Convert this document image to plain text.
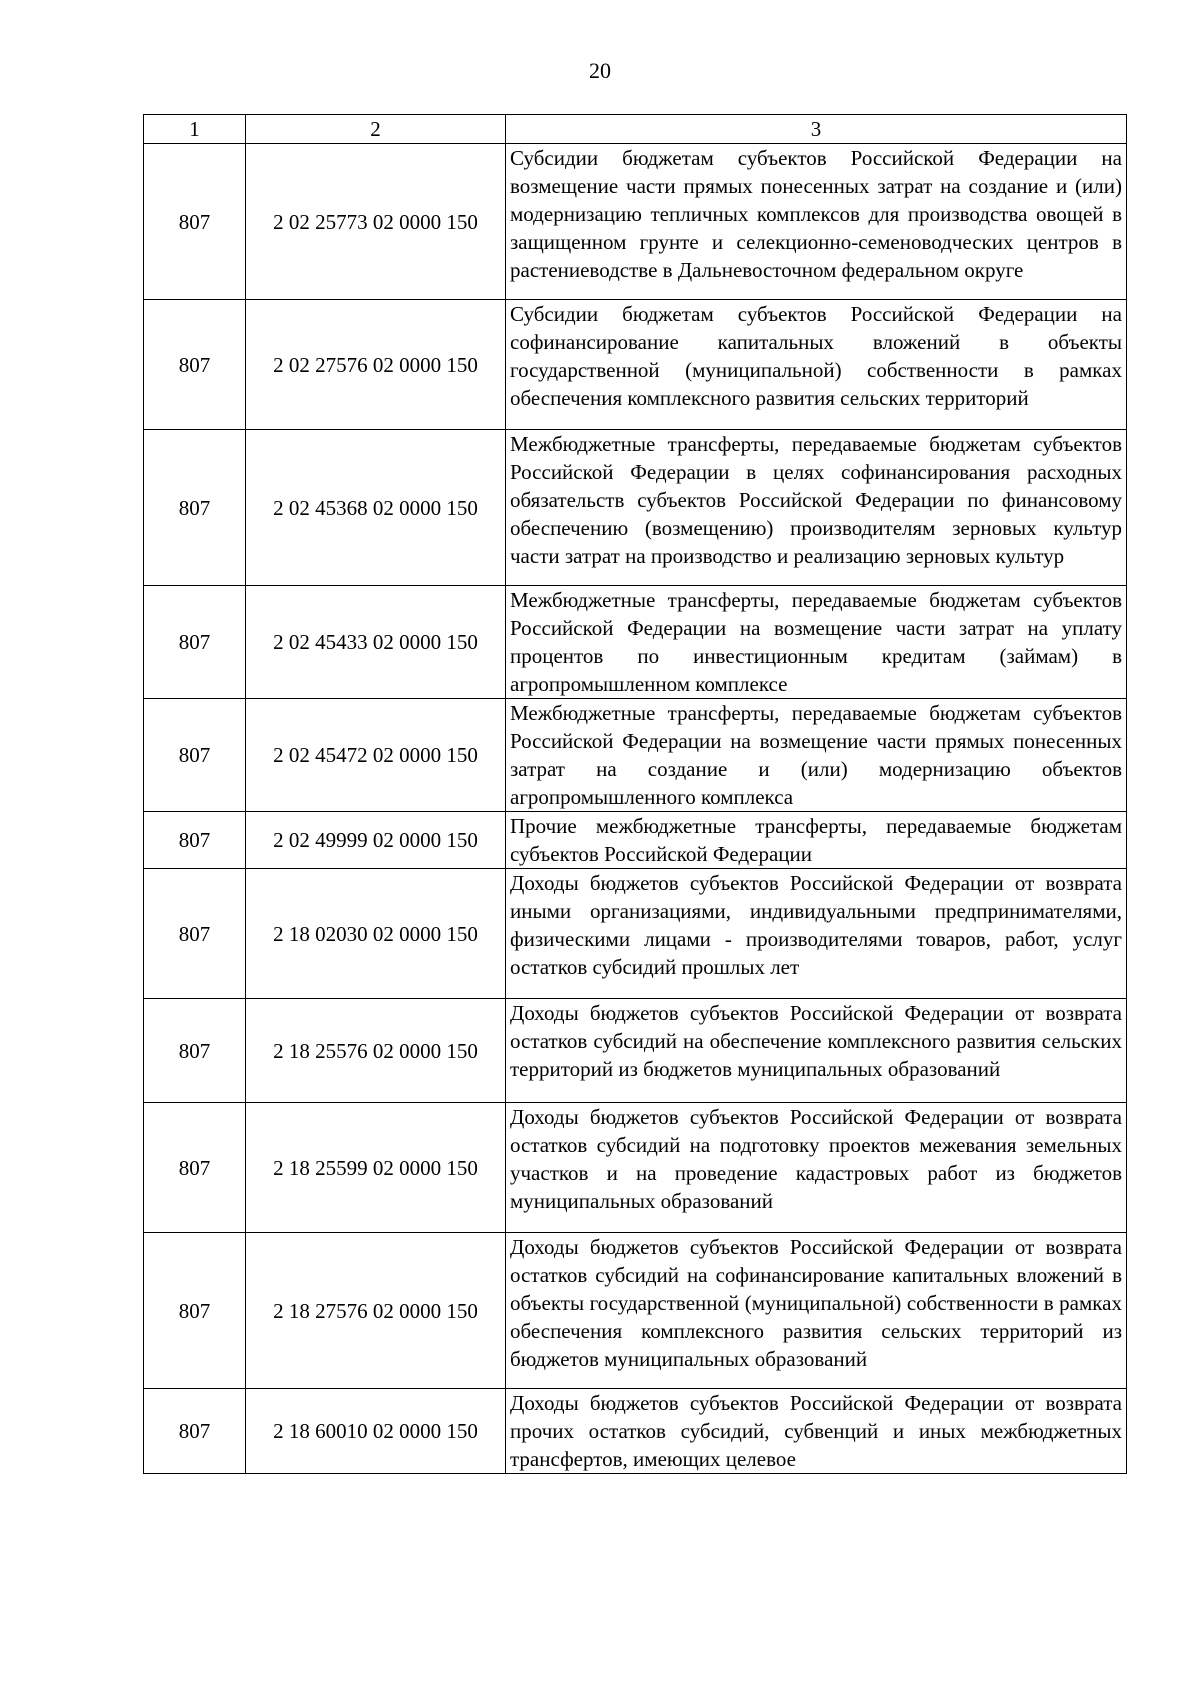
20
1	2	3
807	2 02 25773 02 0000 150	Субсидии бюджетам субъектов Российской Федерации на возмещение части прямых понесенных затрат на создание и (или) модернизацию тепличных комплексов для производства овощей в защищенном грунте и селекционно-семеноводческих центров в растениеводстве в Дальневосточном федеральном округе

807	2 02 27576 02 0000 150	Субсидии бюджетам субъектов Российской Федерации на софинансирование капитальных вложений в объекты государственной (муниципальной) собственности в рамках обеспечения комплексного развития сельских территорий

807	2 02 45368 02 0000 150	Межбюджетные трансферты, передаваемые бюджетам субъектов Российской Федерации в целях софинансирования расходных обязательств субъектов Российской Федерации по финансовому обеспечению (возмещению) производителям зерновых культур части затрат на производство и реализацию зерновых культур

807	2 02 45433 02 0000 150	Межбюджетные трансферты, передаваемые бюджетам субъектов Российской Федерации на возмещение части затрат на уплату процентов по инвестиционным кредитам (займам) в агропромышленном комплексе

807	2 02 45472 02 0000 150	Межбюджетные трансферты, передаваемые бюджетам субъектов Российской Федерации на возмещение части прямых понесенных затрат на создание и (или) модернизацию объектов агропромышленного комплекса

807	2 02 49999 02 0000 150	Прочие межбюджетные трансферты, передаваемые бюджетам субъектов Российской Федерации

807	2 18 02030 02 0000 150	Доходы бюджетов субъектов Российской Федерации от возврата иными организациями, индивидуальными предпринимателями, физическими лицами - производителями товаров, работ, услуг остатков субсидий прошлых лет

807	2 18 25576 02 0000 150	Доходы бюджетов субъектов Российской Федерации от возврата остатков субсидий на обеспечение комплексного развития сельских территорий из бюджетов муниципальных образований

807	2 18 25599 02 0000 150	Доходы бюджетов субъектов Российской Федерации от возврата остатков субсидий на подготовку проектов межевания земельных участков и на проведение кадастровых работ из бюджетов муниципальных образований

807	2 18 27576 02 0000 150	Доходы бюджетов субъектов Российской Федерации от возврата остатков субсидий на софинансирование капитальных вложений в объекты государственной (муниципальной) собственности в рамках обеспечения комплексного развития сельских территорий из бюджетов муниципальных образований

807	2 18 60010 02 0000 150	Доходы бюджетов субъектов Российской Федерации от возврата прочих остатков субсидий, субвенций и иных межбюджетных трансфертов, имеющих целевое
